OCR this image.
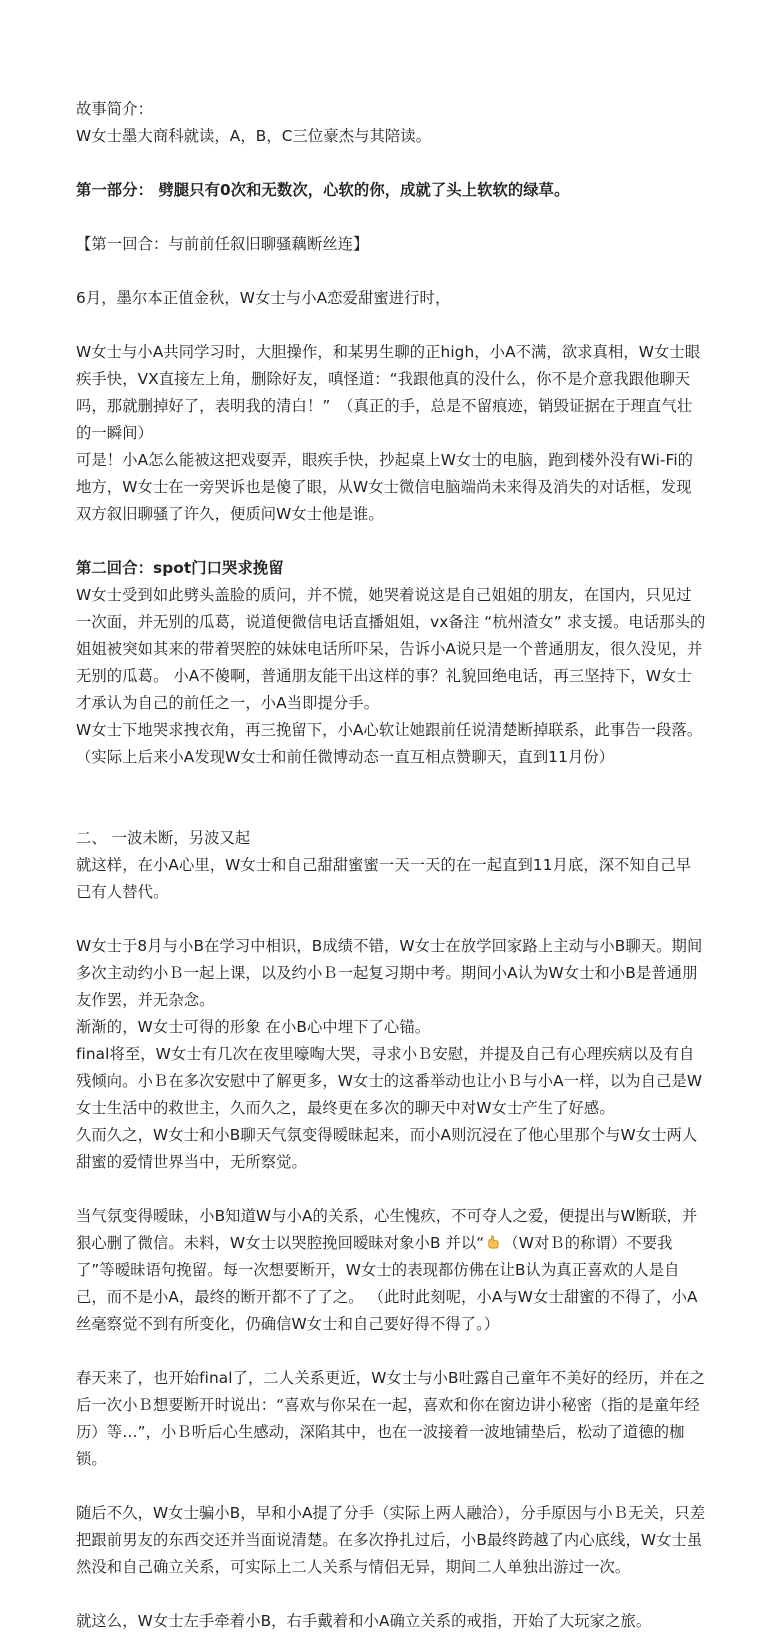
故事简介：

W女士墨大商科就读，A，B，C三位豪杰与其陪读。

第一部分： 劈腿只有0次和无数次，心软的你，成就了头上软软的绿草。

【第一回合：与前前任叙旧聊骚藕断丝连】

6月，墨尔本正值金秋，W女士与小A恋爱甜蜜进行时，

W女士与小A共同学习时，大胆操作，和某男生聊的正high，小A不满，欲求真相，W女士眼疾手快，VX直接左上角，删除好友，嗔怪道：“我跟他真的没什么，你不是介意我跟他聊天吗，那就删掉好了，表明我的清白！”　（真正的手，总是不留痕迹，销毁证据在于理直气壮的一瞬间）

可是！小A怎么能被这把戏耍弄，眼疾手快，抄起桌上W女士的电脑，跑到楼外没有Wi-Fi的地方，W女士在一旁哭诉也是傻了眼，从W女士微信电脑端尚未来得及消失的对话框，发现双方叙旧聊骚了许久，便质问W女士他是谁。

第二回合：spot门口哭求挽留

W女士受到如此劈头盖脸的质问，并不慌，她哭着说这是自己姐姐的朋友，在国内，只见过一次面，并无别的瓜葛，说道便微信电话直播姐姐，vx备注 “杭州渣女” 求支援。电话那头的姐姐被突如其来的带着哭腔的妹妹电话所吓呆，告诉小A说只是一个普通朋友，很久没见，并无别的瓜葛。 小A不傻啊，普通朋友能干出这样的事？礼貌回绝电话，再三坚持下，W女士才承认为自己的前任之一，小A当即提分手。

W女士下地哭求拽衣角，再三挽留下，小A心软让她跟前任说清楚断掉联系，此事告一段落。 （实际上后来小A发现W女士和前任微博动态一直互相点赞聊天，直到11月份）

二、 一波未断，另波又起

就这样，在小A心里，W女士和自己甜甜蜜蜜一天一天的在一起直到11月底，深不知自己早已有人替代。

W女士于8月与小B在学习中相识，B成绩不错，W女士在放学回家路上主动与小B聊天。期间多次主动约小Ｂ一起上课，以及约小Ｂ一起复习期中考。期间小A认为W女士和小B是普通朋友作罢，并无杂念。

渐渐的，W女士可得的形象 在小B心中埋下了心锚。

final将至，W女士有几次在夜里嚎啕大哭，寻求小Ｂ安慰，并提及自己有心理疾病以及有自残倾向。小Ｂ在多次安慰中了解更多，W女士的这番举动也让小Ｂ与小A一样，以为自己是W女士生活中的救世主，久而久之，最终更在多次的聊天中对W女士产生了好感。

久而久之，W女士和小B聊天气氛变得暧昧起来，而小A则沉浸在了他心里那个与W女士两人甜蜜的爱情世界当中，无所察觉。

当气氛变得暧昧，小B知道W与小A的关系，心生愧疚，不可夺人之爱，便提出与W断联，并狠心删了微信。未料，W女士以哭腔挽回暧昧对象小B 并以“ （W对Ｂ的称谓）不要我了”等暧昧语句挽留。每一次想要断开，W女士的表现都仿佛在让B认为真正喜欢的人是自己，而不是小A，最终的断开都不了了之。 （此时此刻呢，小A与W女士甜蜜的不得了，小A丝毫察觉不到有所变化，仍确信W女士和自己要好得不得了。）

春天来了，也开始final了，二人关系更近，W女士与小B吐露自己童年不美好的经历，并在之后一次小Ｂ想要断开时说出：“喜欢与你呆在一起，喜欢和你在窗边讲小秘密（指的是童年经历）等…”，小Ｂ听后心生感动，深陷其中，也在一波接着一波地铺垫后，松动了道德的枷锁。

随后不久，W女士骗小B，早和小A提了分手（实际上两人融洽），分手原因与小Ｂ无关，只差把跟前男友的东西交还并当面说清楚。在多次挣扎过后，小B最终跨越了内心底线，W女士虽然没和自己确立关系，可实际上二人关系与情侣无异，期间二人单独出游过一次。

就这么，W女士左手牵着小B，右手戴着和小A确立关系的戒指，开始了大玩家之旅。
